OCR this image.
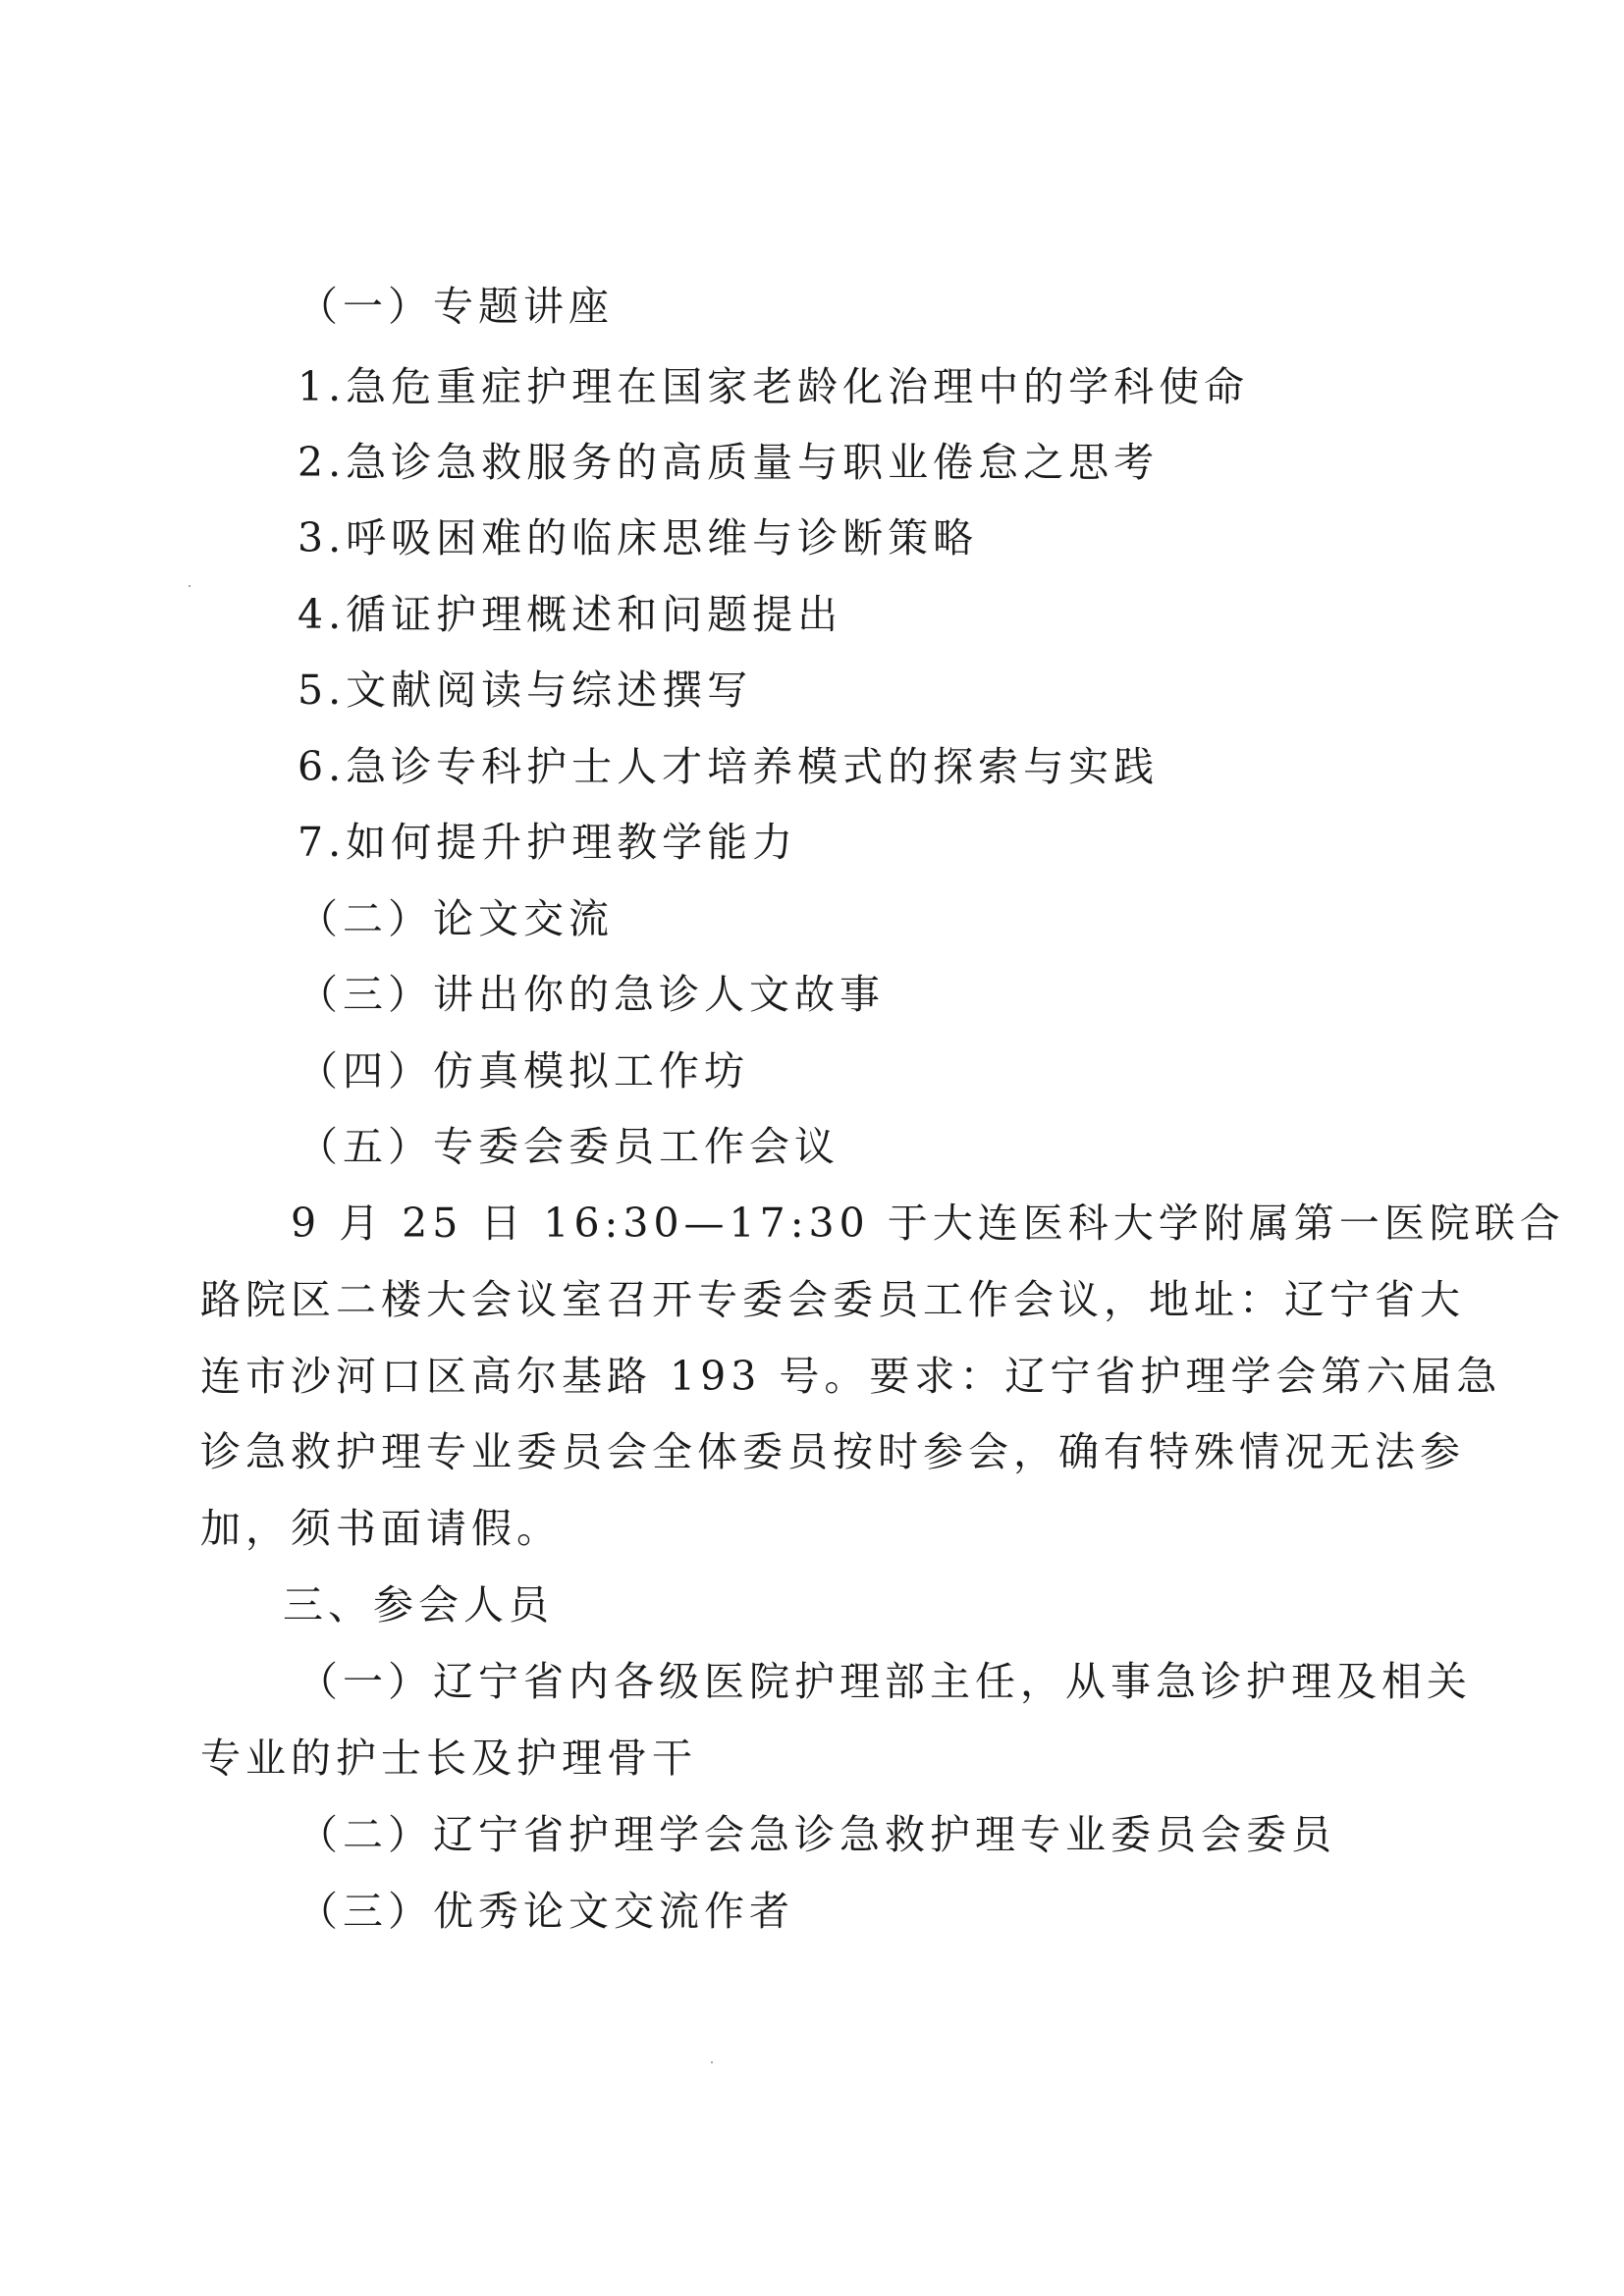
（一）专题讲座
1.急危重症护理在国家老龄化治理中的学科使命
2.急诊急救服务的高质量与职业倦怠之思考
3.呼吸困难的临床思维与诊断策略
4.循证护理概述和问题提出
5.文献阅读与综述撰写
6.急诊专科护士人才培养模式的探索与实践
7.如何提升护理教学能力
（二）论文交流
（三）讲出你的急诊人文故事
（四）仿真模拟工作坊
（五）专委会委员工作会议
9 月 25 日 16:30—17:30 于大连医科大学附属第一医院联合
路院区二楼大会议室召开专委会委员工作会议，地址：辽宁省大
连市沙河口区高尔基路 193 号。要求：辽宁省护理学会第六届急
诊急救护理专业委员会全体委员按时参会，确有特殊情况无法参
加，须书面请假。
三、参会人员
（一）辽宁省内各级医院护理部主任，从事急诊护理及相关
专业的护士长及护理骨干
（二）辽宁省护理学会急诊急救护理专业委员会委员
（三）优秀论文交流作者
